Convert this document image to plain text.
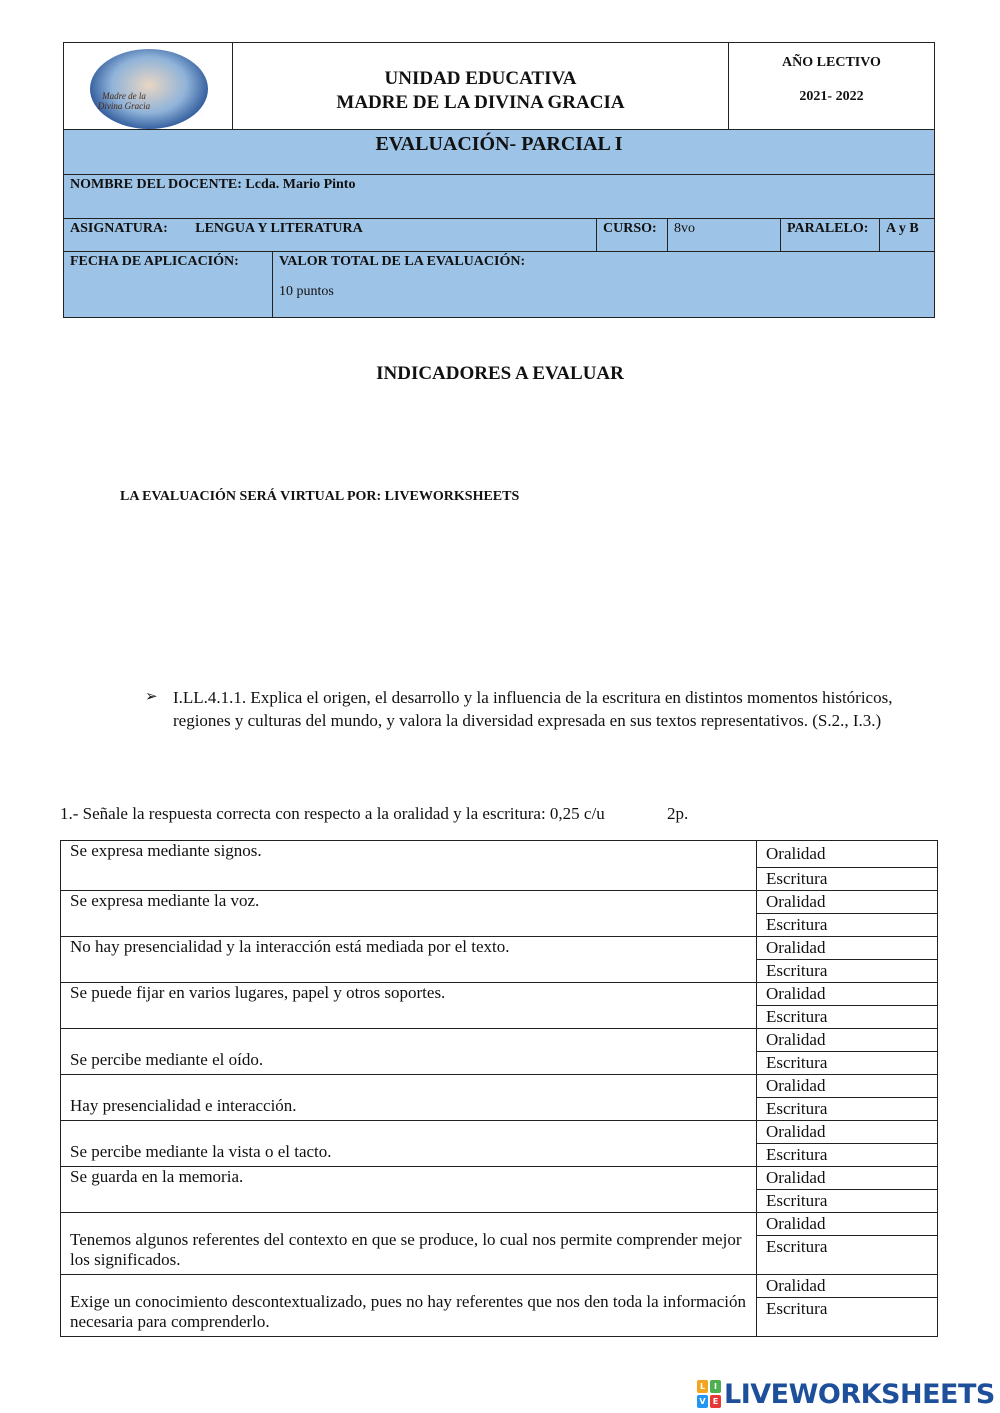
Madre de la Divina Gracia

UNIDAD EDUCATIVA
MADRE DE LA DIVINA GRACIA

AÑO LECTIVO
2021- 2022

EVALUACIÓN- PARCIAL I
NOMBRE DEL DOCENTE: Lcda. Mario Pinto
ASIGNATURA: LENGUA Y LITERATURA	CURSO:	8vo	PARALELO:	A y B
FECHA DE APLICACIÓN:	VALOR TOTAL DE LA EVALUACIÓN:
10 puntos
INDICADORES A EVALUAR
LA EVALUACIÓN SERÁ VIRTUAL POR: LIVEWORKSHEETS
➢ I.LL.4.1.1. Explica el origen, el desarrollo y la influencia de la escritura en distintos momentos históricos, regiones y culturas del mundo, y valora la diversidad expresada en sus textos representativos. (S.2., I.3.)
1.- Señale la respuesta correcta con respecto a la oralidad y la escritura: 0,25 c/u	2p.
Se expresa mediante signos.	Oralidad
	Escritura
Se expresa mediante la voz.	Oralidad
	Escritura
No hay presencialidad y la interacción está mediada por el texto.	Oralidad
	Escritura
Se puede fijar en varios lugares, papel y otros soportes.	Oralidad
	Escritura
Se percibe mediante el oído.	Oralidad
	Escritura
Hay presencialidad e interacción.	Oralidad
	Escritura
Se percibe mediante la vista o el tacto.	Oralidad
	Escritura
Se guarda en la memoria.	Oralidad
	Escritura
Tenemos algunos referentes del contexto en que se produce, lo cual nos permite comprender mejor los significados.	Oralidad
	Escritura
Exige un conocimiento descontextualizado, pues no hay referentes que nos den toda la información necesaria para comprenderlo.	Oralidad
	Escritura
L	I
V E LIVEWORKSHEETS
